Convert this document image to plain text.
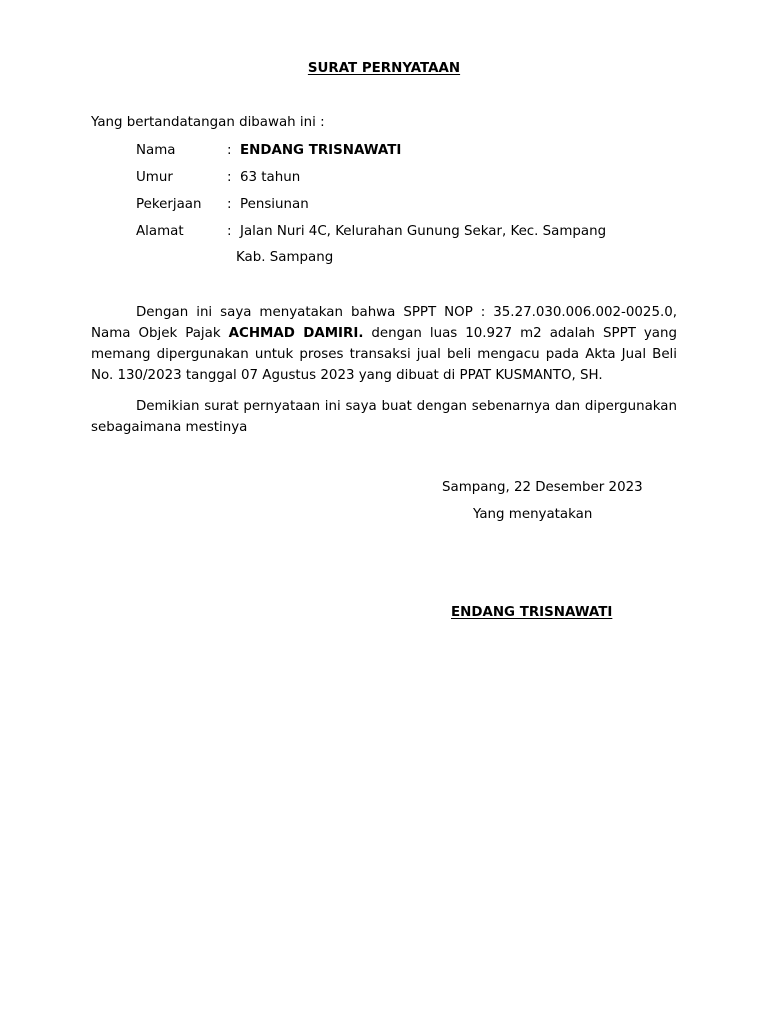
SURAT PERNYATAAN
Yang bertandatangan dibawah ini :
Nama	: ENDANG TRISNAWATI
Umur	: 63 tahun
Pekerjaan : Pensiunan
Alamat	: Jalan Nuri 4C, Kelurahan Gunung Sekar, Kec. Sampang
Kab. Sampang

Dengan ini saya menyatakan bahwa SPPT NOP : 35.27.030.006.002-0025.0, Nama Objek Pajak ACHMAD DAMIRI. dengan luas 10.927 m2 adalah SPPT yang memang dipergunakan untuk proses transaksi jual beli mengacu pada Akta Jual Beli No. 130/2023 tanggal 07 Agustus 2023 yang dibuat di PPAT KUSMANTO, SH.

Demikian surat pernyataan ini saya buat dengan sebenarnya dan dipergunakan sebagaimana mestinya

Sampang, 22 Desember 2023
Yang menyatakan
ENDANG TRISNAWATI
